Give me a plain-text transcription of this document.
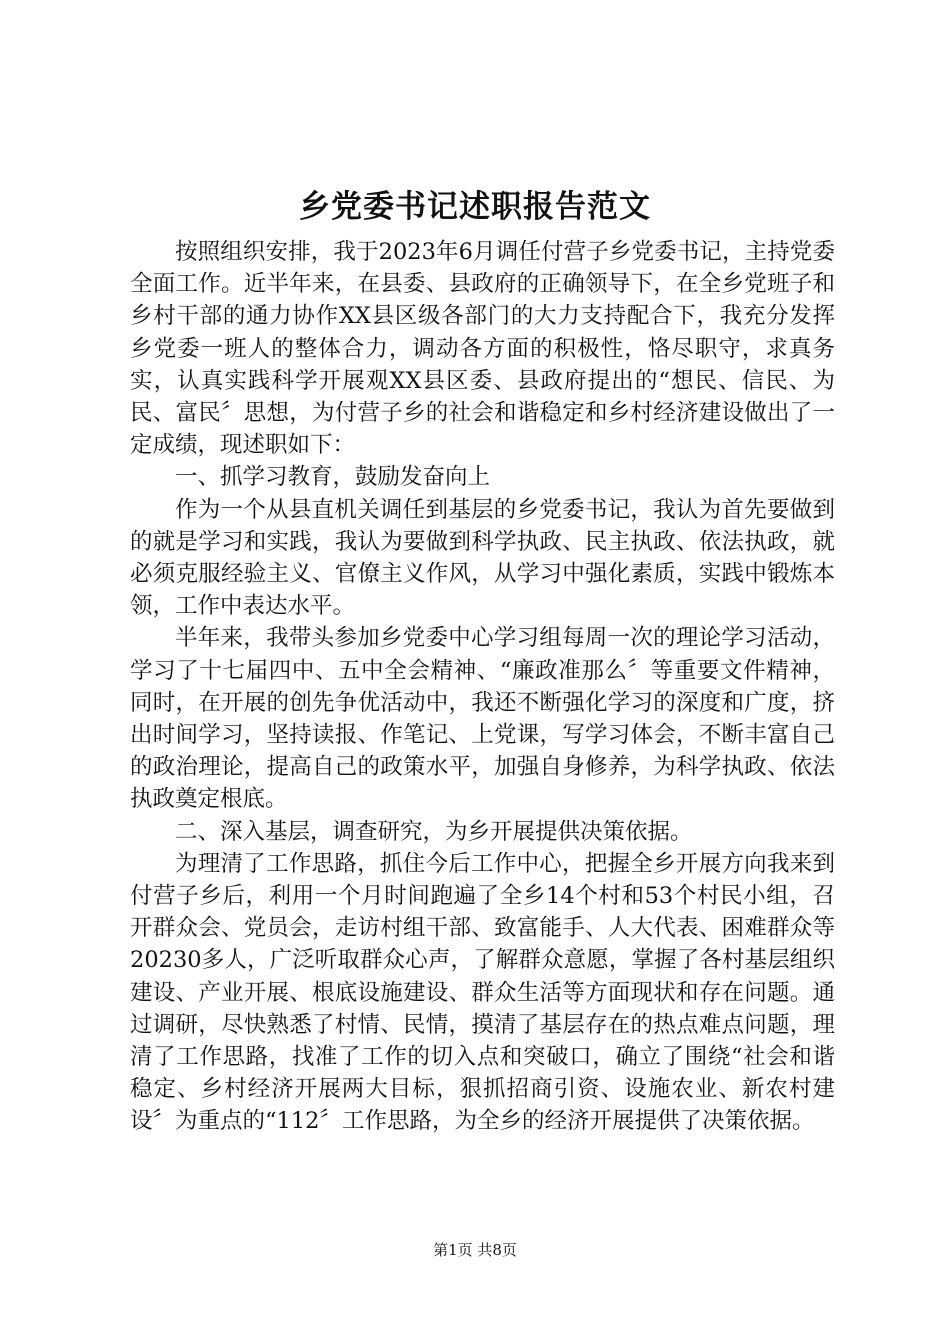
乡党委书记述职报告范文

按照组织安排，我于2023年6月调任付营子乡党委书记，主持党委全面工作。近半年来，在县委、县政府的正确领导下，在全乡党班子和乡村干部的通力协作XX县区级各部门的大力支持配合下，我充分发挥乡党委一班人的整体合力，调动各方面的积极性，恪尽职守，求真务实，认真实践科学开展观XX县区委、县政府提出的“想民、信民、为民、富民〞思想，为付营子乡的社会和谐稳定和乡村经济建设做出了一定成绩，现述职如下：

一、抓学习教育，鼓励发奋向上

作为一个从县直机关调任到基层的乡党委书记，我认为首先要做到的就是学习和实践，我认为要做到科学执政、民主执政、依法执政，就必须克服经验主义、官僚主义作风，从学习中强化素质，实践中锻炼本领，工作中表达水平。

半年来，我带头参加乡党委中心学习组每周一次的理论学习活动，学习了十七届四中、五中全会精神、“廉政准那么〞等重要文件精神，同时，在开展的创先争优活动中，我还不断强化学习的深度和广度，挤出时间学习，坚持读报、作笔记、上党课，写学习体会，不断丰富自己的政治理论，提高自己的政策水平，加强自身修养，为科学执政、依法执政奠定根底。

二、深入基层，调查研究，为乡开展提供决策依据。

为理清了工作思路，抓住今后工作中心，把握全乡开展方向我来到付营子乡后，利用一个月时间跑遍了全乡14个村和53个村民小组，召开群众会、党员会，走访村组干部、致富能手、人大代表、困难群众等20230多人，广泛听取群众心声，了解群众意愿，掌握了各村基层组织建设、产业开展、根底设施建设、群众生活等方面现状和存在问题。通过调研，尽快熟悉了村情、民情，摸清了基层存在的热点难点问题，理清了工作思路，找准了工作的切入点和突破口，确立了围绕“社会和谐稳定、乡村经济开展两大目标，狠抓招商引资、设施农业、新农村建设〞为重点的“112〞工作思路，为全乡的经济开展提供了决策依据。

第1页 共8页
